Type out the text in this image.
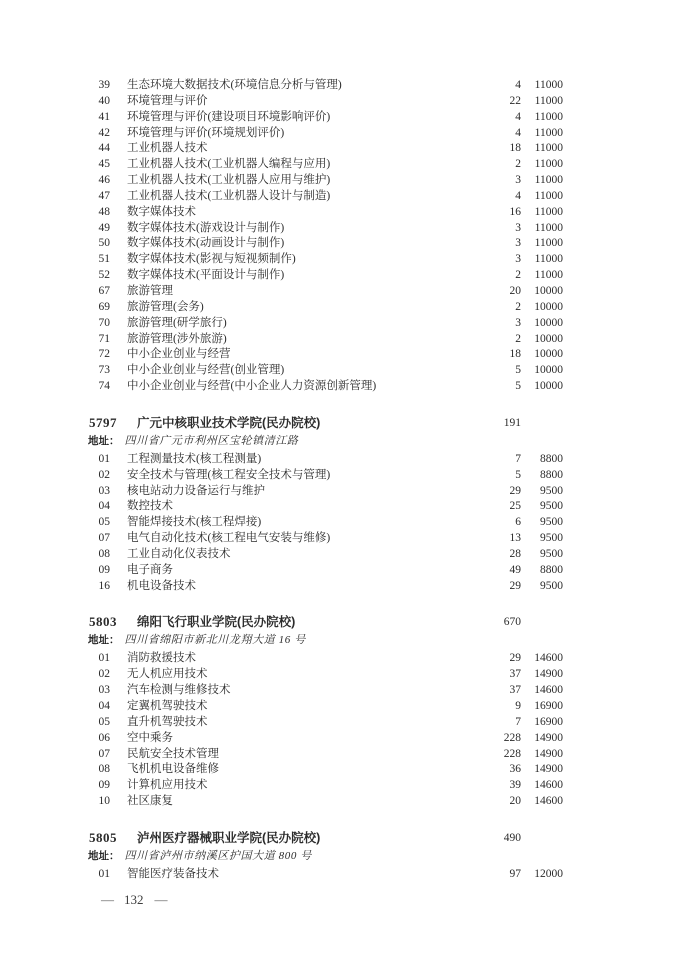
39 生态环境大数据技术(环境信息分析与管理)	4 11000
40 环境管理与评价	22 11000
41 环境管理与评价(建设项目环境影响评价)	4 11000
42 环境管理与评价(环境规划评价)	4 11000
44 工业机器人技术	18 11000
45 工业机器人技术(工业机器人编程与应用)	2 11000
46 工业机器人技术(工业机器人应用与维护)	3 11000
47 工业机器人技术(工业机器人设计与制造)	4 11000
48 数字媒体技术	16 11000
49 数字媒体技术(游戏设计与制作)	3 11000
50 数字媒体技术(动画设计与制作)	3 11000
51 数字媒体技术(影视与短视频制作)	3 11000
52 数字媒体技术(平面设计与制作)	2 11000
67 旅游管理	20 10000
69 旅游管理(会务)	2 10000
70 旅游管理(研学旅行)	3 10000
71 旅游管理(涉外旅游)	2 10000
72 中小企业创业与经营	18 10000
73 中小企业创业与经营(创业管理)	5 10000
74 中小企业创业与经营(中小企业人力资源创新管理)	5 10000
5797 广元中核职业技术学院(民办院校)	191
地址： 四川省广元市利州区宝轮镇清江路
01 工程测量技术(核工程测量)	7 8800
02 安全技术与管理(核工程安全技术与管理)	5 8800
03 核电站动力设备运行与维护	29 9500
04 数控技术	25 9500
05 智能焊接技术(核工程焊接)	6 9500
07 电气自动化技术(核工程电气安装与维修)	13 9500
08 工业自动化仪表技术	28 9500
09 电子商务	49 8800
16 机电设备技术	29 9500
5803 绵阳飞行职业学院(民办院校)	670
地址： 四川省绵阳市新北川龙翔大道 16 号
01 消防救援技术	29 14600
02 无人机应用技术	37 14900
03 汽车检测与维修技术	37 14600
04 定翼机驾驶技术	9 16900
05 直升机驾驶技术	7 16900
06 空中乘务	228 14900
07 民航安全技术管理	228 14900
08 飞机机电设备维修	36 14900
09 计算机应用技术	39 14600
10 社区康复	20 14600
5805 泸州医疗器械职业学院(民办院校)	490
地址： 四川省泸州市纳溪区护国大道 800 号
01 智能医疗装备技术	97 12000
— 132 —
